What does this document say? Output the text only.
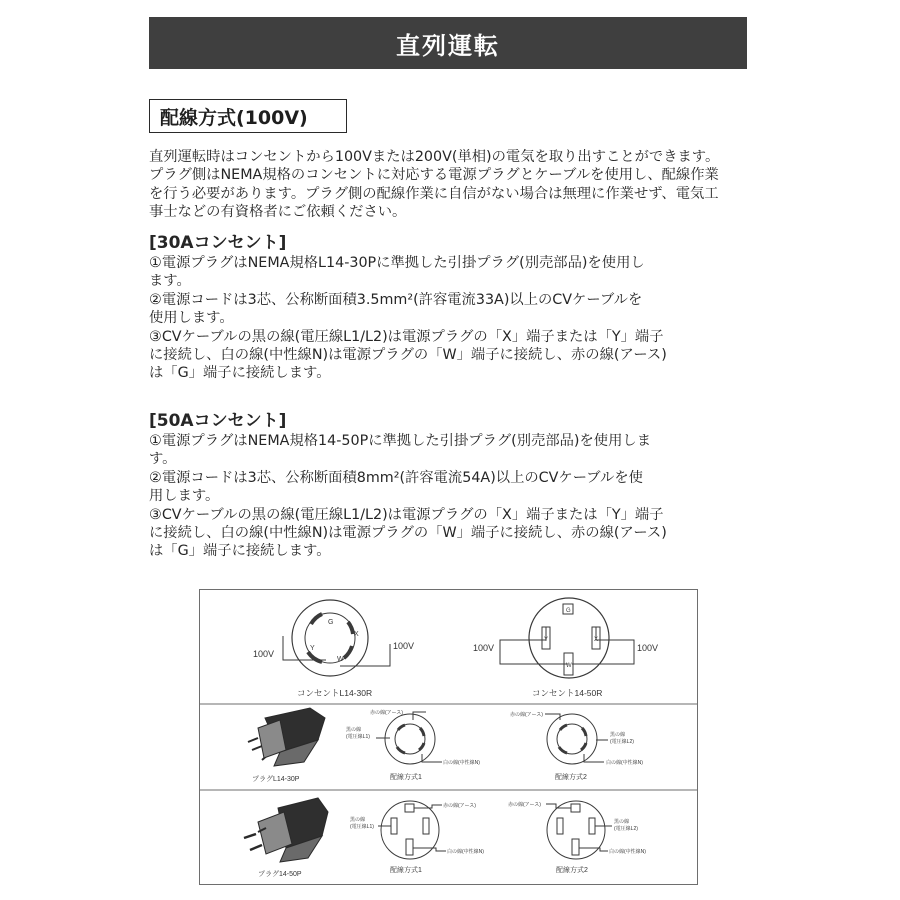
直列運転
配線方式(100V)

直列運転時はコンセントから100Vまたは200V(単相)の電気を取り出すことができます。

プラグ側はNEMA規格のコンセントに対応する電源プラグとケーブルを使用し、配線作業

を行う必要があります。プラグ側の配線作業に自信がない場合は無理に作業せず、電気工

事士などの有資格者にご依頼ください。

[30Aコンセント]

①電源プラグはNEMA規格L14-30Pに準拠した引掛プラグ(別売部品)を使用し

ます。

②電源コードは3芯、公称断面積3.5mm²(許容電流33A)以上のCVケーブルを

使用します。

③CVケーブルの黒の線(電圧線L1/L2)は電源プラグの「X」端子または「Y」端子

に接続し、白の線(中性線N)は電源プラグの「W」端子に接続し、赤の線(アース)

は「G」端子に接続します。

[50Aコンセント]

①電源プラグはNEMA規格14-50Pに準拠した引掛プラグ(別売部品)を使用しま

す。

②電源コードは3芯、公称断面積8mm²(許容電流54A)以上のCVケーブルを使

用します。

③CVケーブルの黒の線(電圧線L1/L2)は電源プラグの「X」端子または「Y」端子

に接続し、白の線(中性線N)は電源プラグの「W」端子に接続し、赤の線(アース)

は「G」端子に接続します。

G
X
W
Y
100V
100V
コンセントL14-30R
G
Y	X
W
100V	100V
コンセント14-50R
プラグL14-30P
赤の線(アース)
黒の線
(電圧線L1)
白の線(中性線N)
配線方式1
赤の線(アース)
黒の線
(電圧線L2)
白の線(中性線N)
配線方式2
プラグ14-50P
赤の線(アース)
黒の線
(電圧線L1)
白の線(中性線N)
配線方式1
赤の線(アース)
黒の線
(電圧線L2)
白の線(中性線N)
配線方式2
